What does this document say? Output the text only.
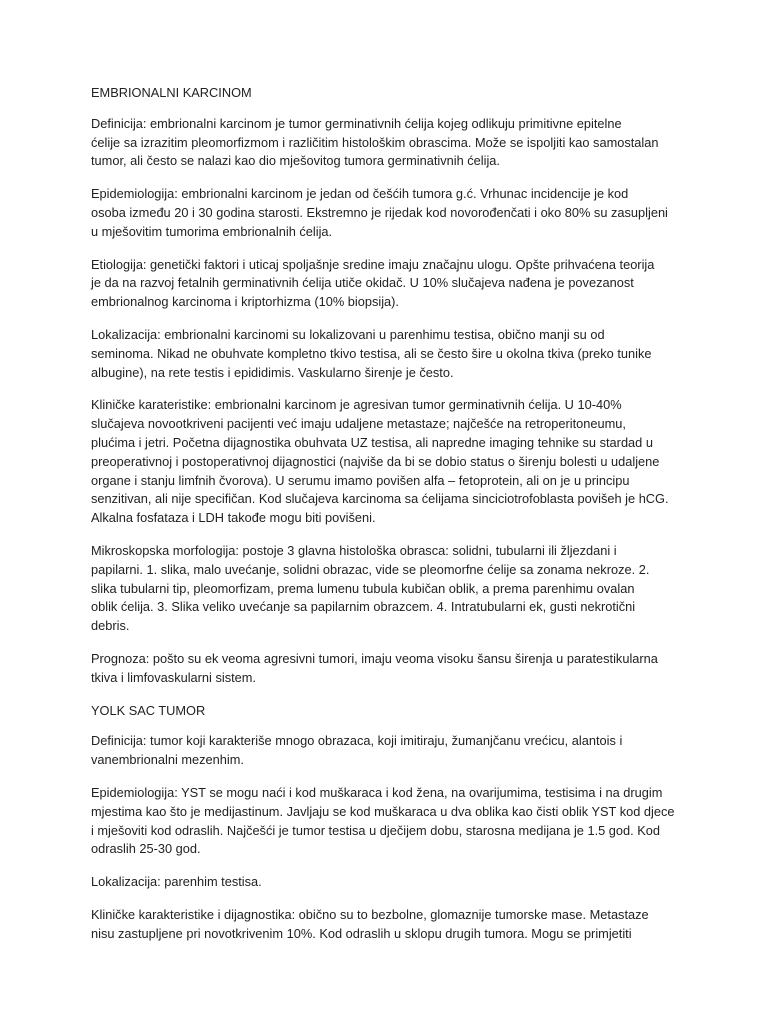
EMBRIONALNI KARCINOM

Definicija: embrionalni karcinom je tumor germinativnih ćelija kojeg odlikuju primitivne epitelne
ćelije sa izrazitim pleomorfizmom i različitim histološkim obrascima. Može se ispoljiti kao samostalan
tumor, ali često se nalazi kao dio mješovitog tumora germinativnih ćelija.

Epidemiologija: embrionalni karcinom je jedan od češćih tumora g.ć. Vrhunac incidencije je kod
osoba između 20 i 30 godina starosti. Ekstremno je rijedak kod novorođenčati i oko 80% su zasupljeni
u mješovitim tumorima embrionalnih ćelija.

Etiologija: genetički faktori i uticaj spoljašnje sredine imaju značajnu ulogu. Opšte prihvaćena teorija
je da na razvoj fetalnih germinativnih ćelija utiče okidač. U 10% slučajeva nađena je povezanost
embrionalnog karcinoma i kriptorhizma (10% biopsija).

Lokalizacija: embrionalni karcinomi su lokalizovani u parenhimu testisa, obično manji su od
seminoma. Nikad ne obuhvate kompletno tkivo testisa, ali se često šire u okolna tkiva (preko tunike
albugine), na rete testis i epididimis. Vaskularno širenje je često.

Kliničke karateristike: embrionalni karcinom je agresivan tumor germinativnih ćelija. U 10-40%
slučajeva novootkriveni pacijenti već imaju udaljene metastaze; najčešće na retroperitoneumu,
plućima i jetri. Početna dijagnostika obuhvata UZ testisa, ali napredne imaging tehnike su stardad u
preoperativnoj i postoperativnoj dijagnostici (najviše da bi se dobio status o širenju bolesti u udaljene
organe i stanju limfnih čvorova). U serumu imamo povišen alfa – fetoprotein, ali on je u principu
senzitivan, ali nije specifičan. Kod slučajeva karcinoma sa ćelijama sinciciotrofoblasta povišeh je hCG.
Alkalna fosfataza i LDH takođe mogu biti povišeni.

Mikroskopska morfologija: postoje 3 glavna histološka obrasca: solidni, tubularni ili žljezdani i
papilarni. 1. slika, malo uvećanje, solidni obrazac, vide se pleomorfne ćelije sa zonama nekroze. 2.
slika tubularni tip, pleomorfizam, prema lumenu tubula kubičan oblik, a prema parenhimu ovalan
oblik ćelija. 3. Slika veliko uvećanje sa papilarnim obrazcem. 4. Intratubularni ek, gusti nekrotični
debris.

Prognoza: pošto su ek veoma agresivni tumori, imaju veoma visoku šansu širenja u paratestikularna
tkiva i limfovaskularni sistem.

YOLK SAC TUMOR

Definicija: tumor koji karakteriše mnogo obrazaca, koji imitiraju, žumanjčanu vrećicu, alantois i
vanembrionalni mezenhim.

Epidemiologija: YST se mogu naći i kod muškaraca i kod žena, na ovarijumima, testisima i na drugim
mjestima kao što je medijastinum. Javljaju se kod muškaraca u dva oblika kao čisti oblik YST kod djece
i mješoviti kod odraslih. Najčešći je tumor testisa u dječijem dobu, starosna medijana je 1.5 god. Kod
odraslih 25-30 god.

Lokalizacija: parenhim testisa.

Kliničke karakteristike i dijagnostika: obično su to bezbolne, glomaznije tumorske mase. Metastaze
nisu zastupljene pri novotkrivenim 10%. Kod odraslih u sklopu drugih tumora. Mogu se primjetiti
